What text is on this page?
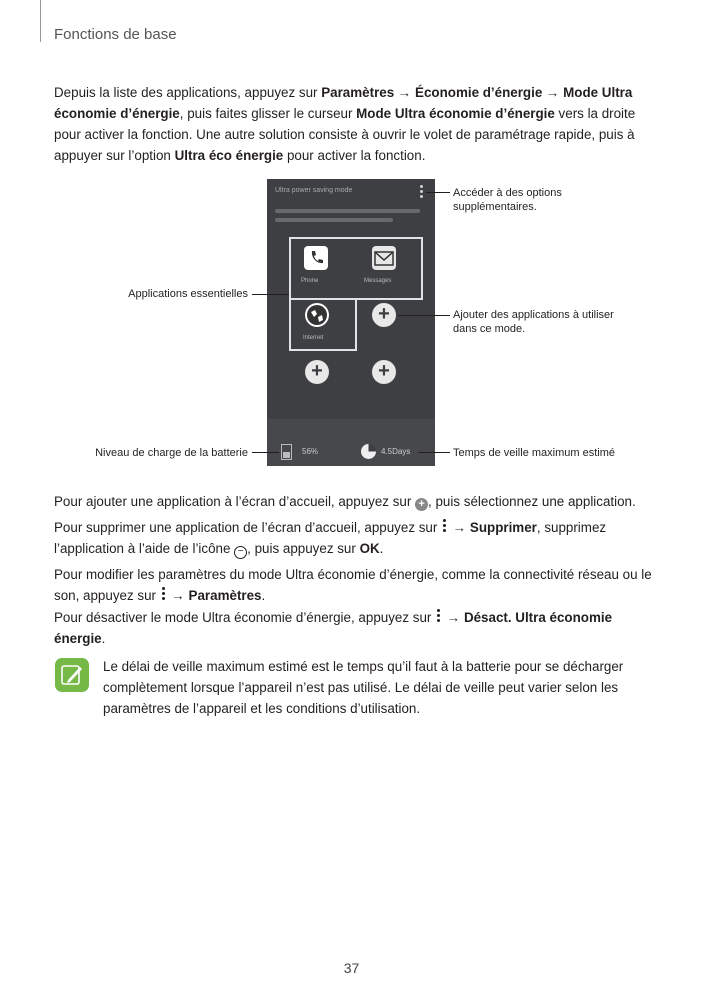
Fonctions de base
Depuis la liste des applications, appuyez sur Paramètres → Économie d’énergie → Mode Ultra économie d’énergie, puis faites glisser le curseur Mode Ultra économie d’énergie vers la droite pour activer la fonction. Une autre solution consiste à ouvrir le volet de paramétrage rapide, puis à appuyer sur l’option Ultra éco énergie pour activer la fonction.
Ultra power saving mode
Phone	Messages
Internet
+
+	+
56%	4.5Days
Accéder à des options supplémentaires.
Applications essentielles
Ajouter des applications à utiliser dans ce mode.
Niveau de charge de la batterie	Temps de veille maximum estimé
Pour ajouter une application à l’écran d’accueil, appuyez sur + , puis sélectionnez une application.
Pour supprimer une application de l’écran d’accueil, appuyez sur
→ Supprimer, supprimez l’application à l’aide de l’icône − , puis appuyez sur OK.
Pour modifier les paramètres du mode Ultra économie d’énergie, comme la connectivité réseau ou le son, appuyez sur
→ Paramètres.
Pour désactiver le mode Ultra économie d’énergie, appuyez sur
→ Désact. Ultra économie énergie.
Le délai de veille maximum estimé est le temps qu’il faut à la batterie pour se décharger complètement lorsque l’appareil n’est pas utilisé. Le délai de veille peut varier selon les paramètres de l’appareil et les conditions d’utilisation.
37
